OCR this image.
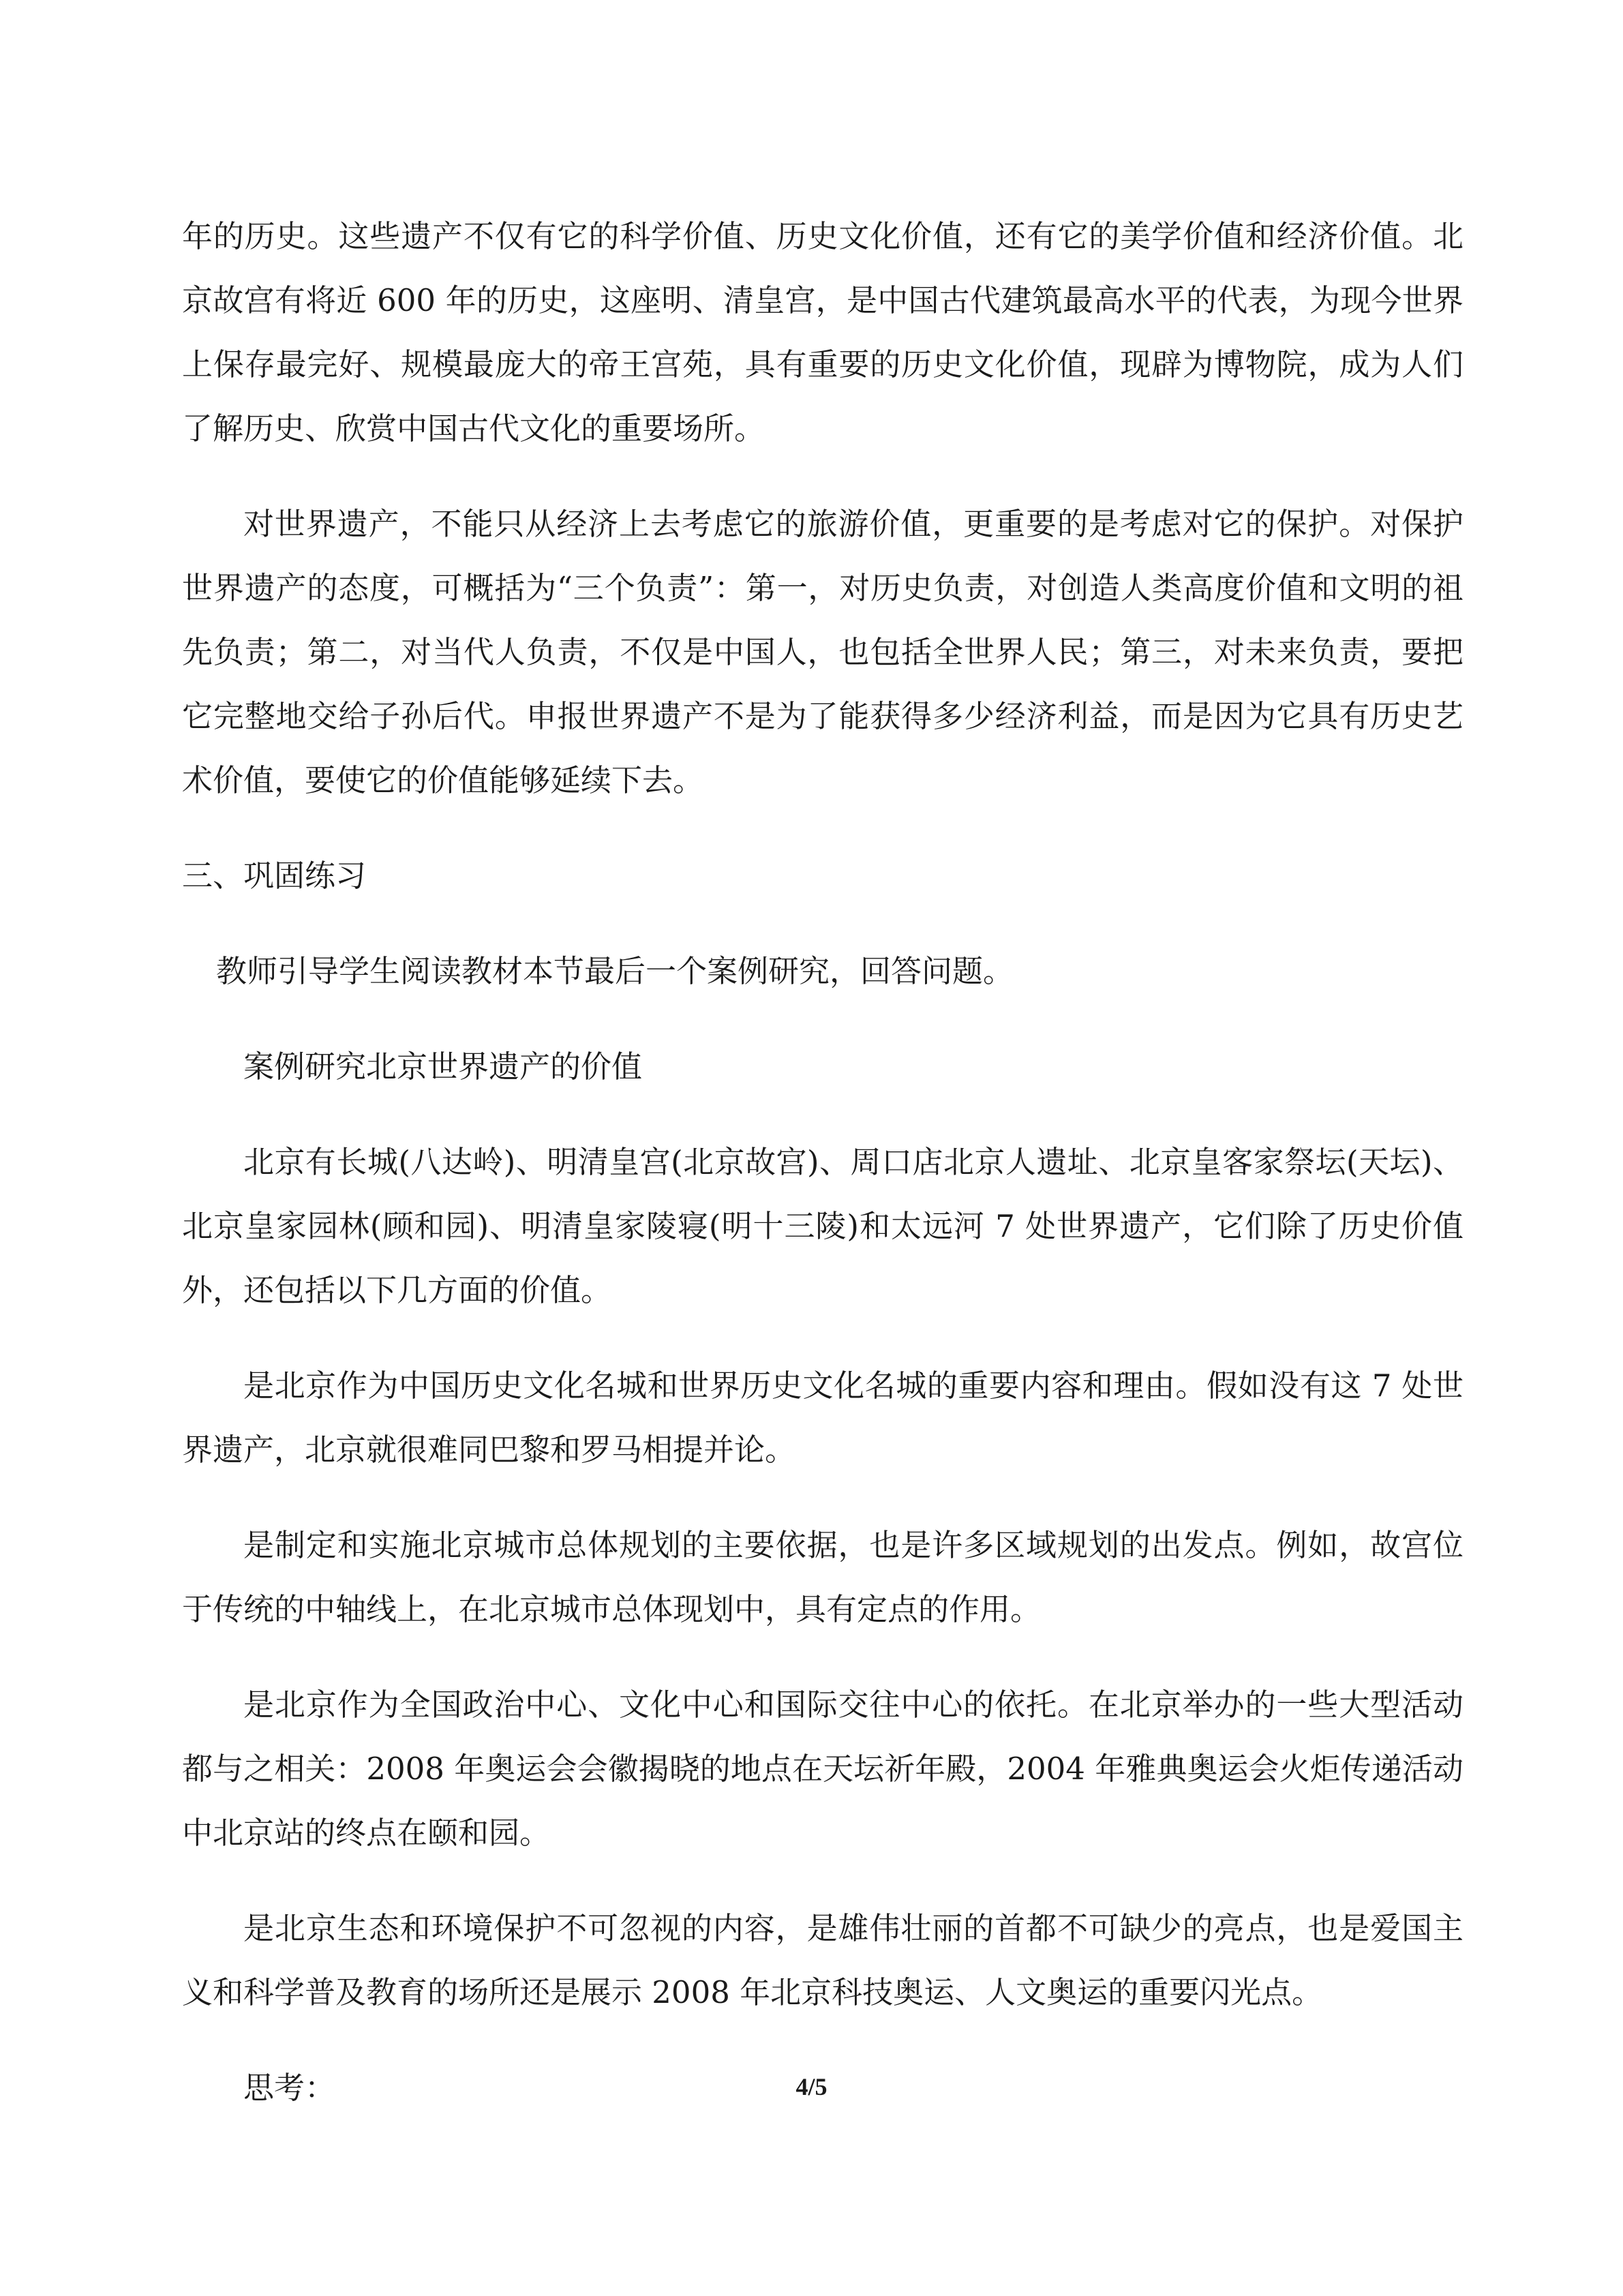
年的历史。这些遗产不仅有它的科学价值、历史文化价值，还有它的美学价值和经济价值。北京故宫有将近 600 年的历史，这座明、清皇宫，是中国古代建筑最高水平的代表，为现今世界上保存最完好、规模最庞大的帝王宫苑，具有重要的历史文化价值，现辟为博物院，成为人们了解历史、欣赏中国古代文化的重要场所。

对世界遗产，不能只从经济上去考虑它的旅游价值，更重要的是考虑对它的保护。对保护世界遗产的态度，可概括为“三个负责”：第一，对历史负责，对创造人类高度价值和文明的祖先负责；第二，对当代人负责，不仅是中国人，也包括全世界人民；第三，对未来负责，要把它完整地交给子孙后代。申报世界遗产不是为了能获得多少经济利益，而是因为它具有历史艺术价值，要使它的价值能够延续下去。

三、巩固练习

教师引导学生阅读教材本节最后一个案例研究，回答问题。

案例研究北京世界遗产的价值

北京有长城(八达岭)、明清皇宫(北京故宫)、周口店北京人遗址、北京皇客家祭坛(天坛)、北京皇家园林(顾和园)、明清皇家陵寝(明十三陵)和太远河 7 处世界遗产，它们除了历史价值外，还包括以下几方面的价值。

是北京作为中国历史文化名城和世界历史文化名城的重要内容和理由。假如没有这 7 处世界遗产，北京就很难同巴黎和罗马相提并论。

是制定和实施北京城市总体规划的主要依据，也是许多区域规划的出发点。例如，故宫位于传统的中轴线上，在北京城市总体现划中，具有定点的作用。

是北京作为全国政治中心、文化中心和国际交往中心的依托。在北京举办的一些大型活动都与之相关：2008 年奥运会会徽揭晓的地点在天坛祈年殿，2004 年雅典奥运会火炬传递活动中北京站的终点在颐和园。

是北京生态和环境保护不可忽视的内容，是雄伟壮丽的首都不可缺少的亮点，也是爱国主义和科学普及教育的场所还是展示 2008 年北京科技奥运、人文奥运的重要闪光点。

思考：	4/5
